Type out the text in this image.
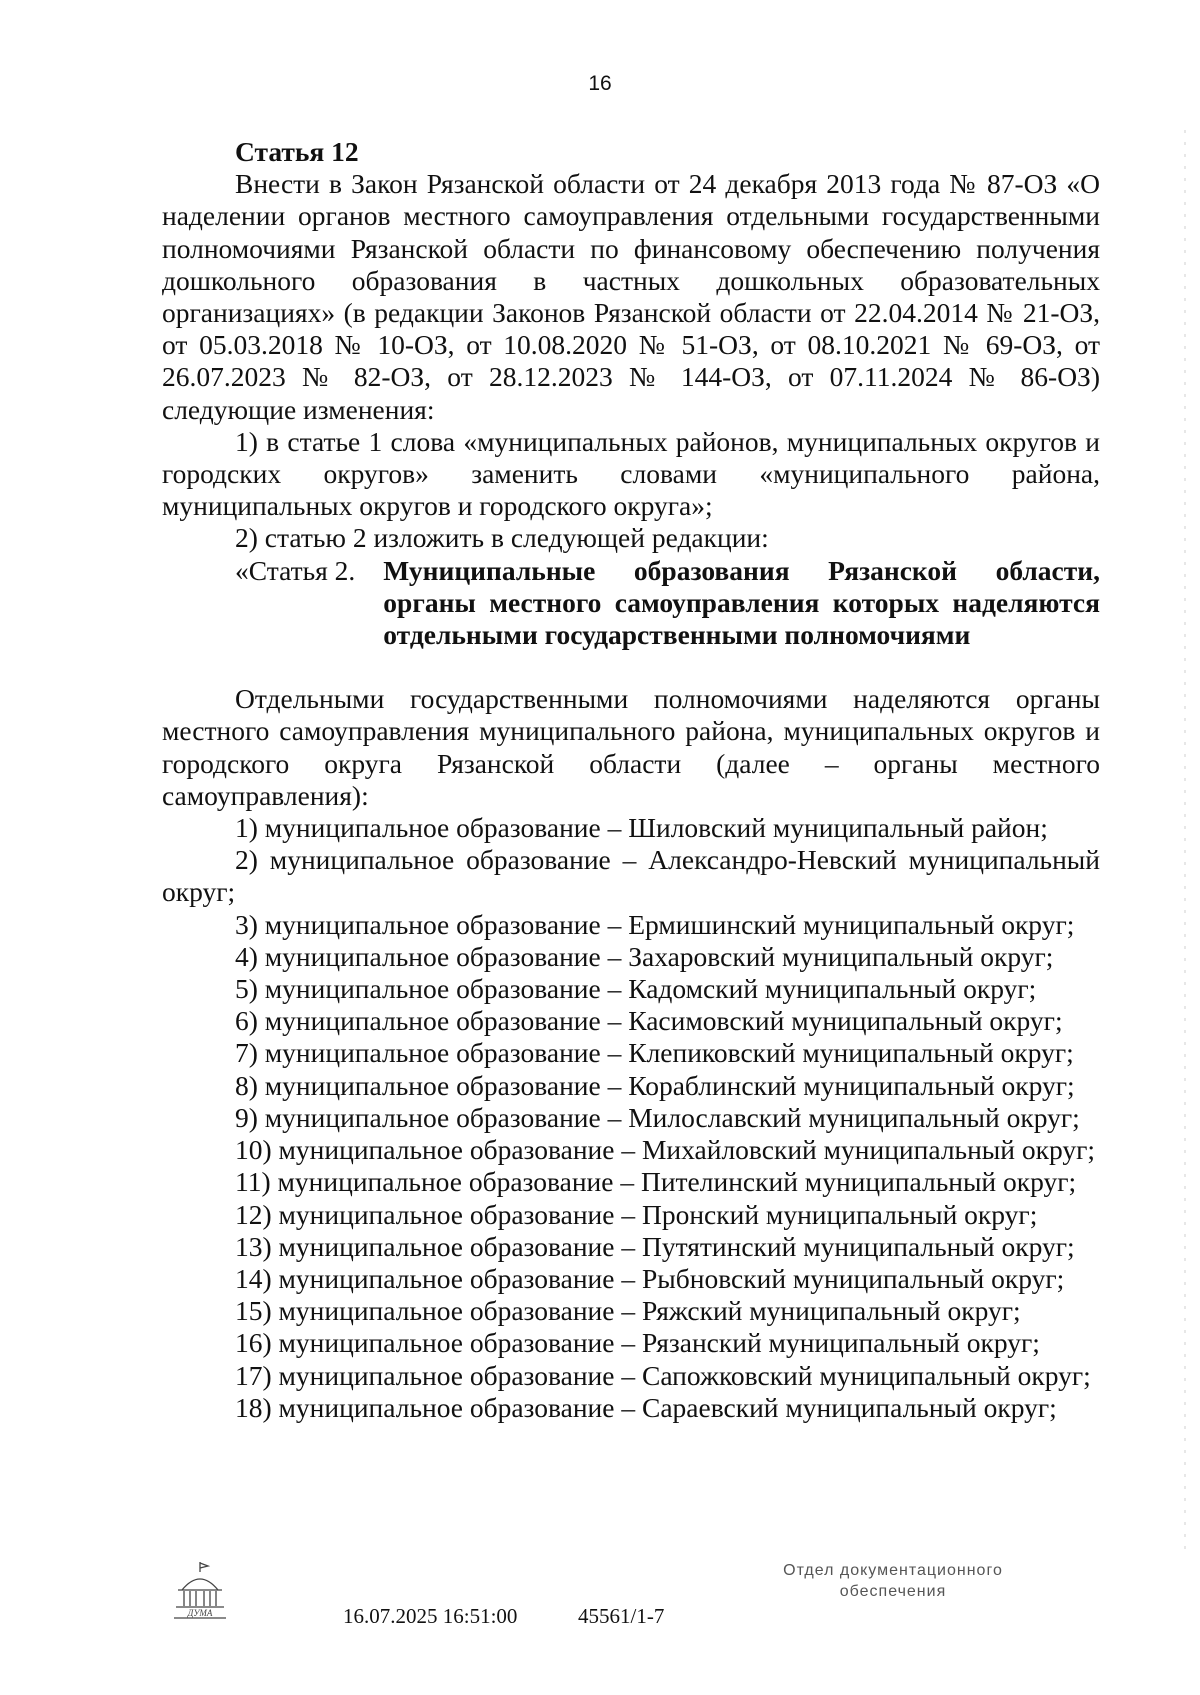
16

Статья 12

Внести в Закон Рязанской области от 24 декабря 2013 года № 87-ОЗ «О наделении органов местного самоуправления отдельными государственными полномочиями Рязанской области по финансовому обеспечению получения дошкольного образования в частных дошкольных образовательных организациях» (в редакции Законов Рязанской области от 22.04.2014 № 21-ОЗ, от 05.03.2018 № 10-ОЗ, от 10.08.2020 № 51-ОЗ, от 08.10.2021 № 69-ОЗ, от 26.07.2023 № 82-ОЗ, от 28.12.2023 № 144-ОЗ, от 07.11.2024 № 86-ОЗ) следующие изменения:

1) в статье 1 слова «муниципальных районов, муниципальных округов и городских округов» заменить словами «муниципального района, муниципальных округов и городского округа»;

2) статью 2 изложить в следующей редакции:

«Статья 2.	Муниципальные образования Рязанской области, органы местного самоуправления которых наделяются отдельными государственными полномочиями

Отдельными государственными полномочиями наделяются органы местного самоуправления муниципального района, муниципальных округов и городского округа Рязанской области (далее – органы местного самоуправления):

1) муниципальное образование – Шиловский муниципальный район;

2) муниципальное образование – Александро-Невский муниципальный округ;

3) муниципальное образование – Ермишинский муниципальный округ;

4) муниципальное образование – Захаровский муниципальный округ;

5) муниципальное образование – Кадомский муниципальный округ;

6) муниципальное образование – Касимовский муниципальный округ;

7) муниципальное образование – Клепиковский муниципальный округ;

8) муниципальное образование – Кораблинский муниципальный округ;

9) муниципальное образование – Милославский муниципальный округ;

10) муниципальное образование – Михайловский муниципальный округ;

11) муниципальное образование – Пителинский муниципальный округ;

12) муниципальное образование – Пронский муниципальный округ;

13) муниципальное образование – Путятинский муниципальный округ;

14) муниципальное образование – Рыбновский муниципальный округ;

15) муниципальное образование – Ряжский муниципальный округ;

16) муниципальное образование – Рязанский муниципальный округ;

17) муниципальное образование – Сапожковский муниципальный округ;

18) муниципальное образование – Сараевский муниципальный округ;

ДУМА	16.07.2025 16:51:00	45561/1-7
Отдел документационного
обеспечения
